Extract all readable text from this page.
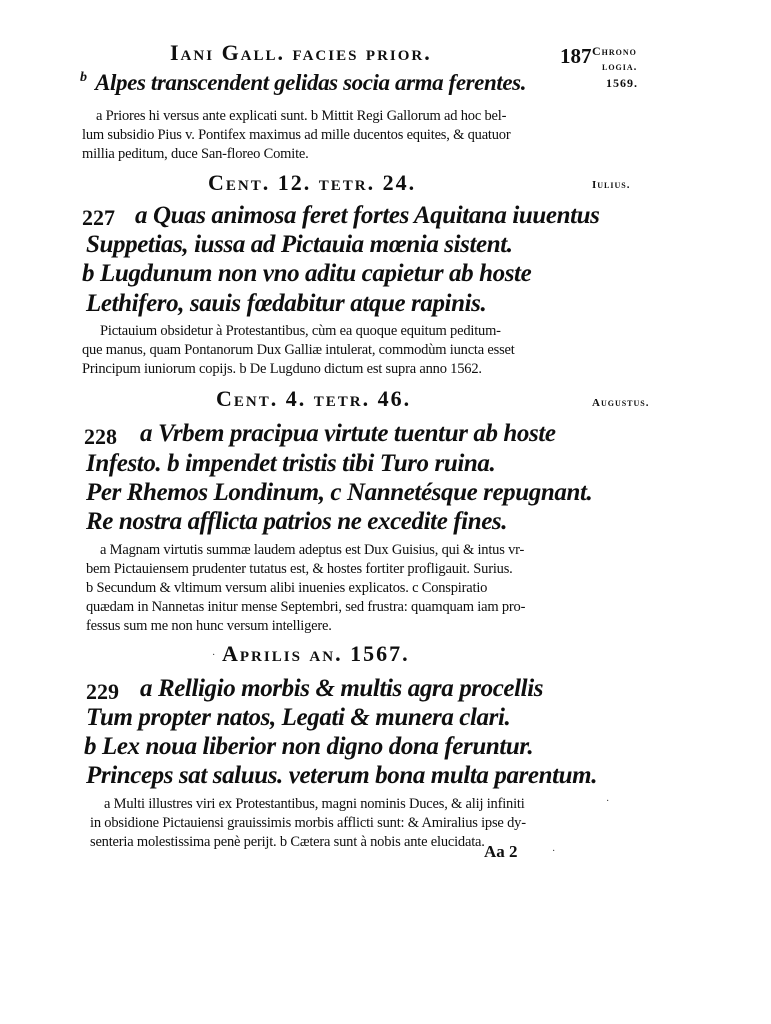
Iani Gall. facies prior.	187 Chrono
logia.
1569.
$^b$ Alpes transcendent gelidas socia arma ferentes.
a Priores hi versus ante explicati sunt. b Mittit Regi Gallorum ad hoc bel-
lum subsidio Pius v. Pontifex maximus ad mille ducentos equites, & quatuor
millia peditum, duce San-floreo Comite.
Cent. 12. tetr. 24.	Iulius.
227 a Quas animosa feret fortes Aquitana iuuentus
Suppetias, iussa ad Pictauia mœnia sistent.
b Lugdunum non vno aditu capietur ab hoste
Lethifero, sauis fœdabitur atque rapinis.
Pictauium obsidetur à Protestantibus, cùm ea quoque equitum peditum-
que manus, quam Pontanorum Dux Galliæ intulerat, commodùm iuncta esset
Principum iuniorum copijs. b De Lugduno dictum est supra anno 1562.
Cent. 4. tetr. 46.	Augustus.
228 a Vrbem pracipua virtute tuentur ab hoste
Infesto. b impendet tristis tibi Turo ruina.
Per Rhemos Londinum, c Nannetésque repugnant.
Re nostra afflicta patrios ne excedite fines.
a Magnam virtutis summæ laudem adeptus est Dux Guisius, qui & intus vr-
bem Pictauiensem prudenter tutatus est, & hostes fortiter profligauit. Surius.
b Secundum & vltimum versum alibi inuenies explicatos. c Conspiratio
quædam in Nannetas initur mense Septembri, sed frustra: quamquam iam pro-
fessus sum me non hunc versum intelligere.
· Aprilis an. 1567.
229 a Relligio morbis & multis agra procellis
Tum propter natos, Legati & munera clari.
b Lex noua liberior non digno dona feruntur.
Princeps sat saluus. veterum bona multa parentum.
a Multi illustres viri ex Protestantibus, magni nominis Duces, & alij infiniti
in obsidione Pictauiensi grauissimis morbis afflicti sunt: & Amiralius ipse dy-
senteria molestissima penè perijt. b Cætera sunt à nobis ante elucidata.
·
Aa 2	·
